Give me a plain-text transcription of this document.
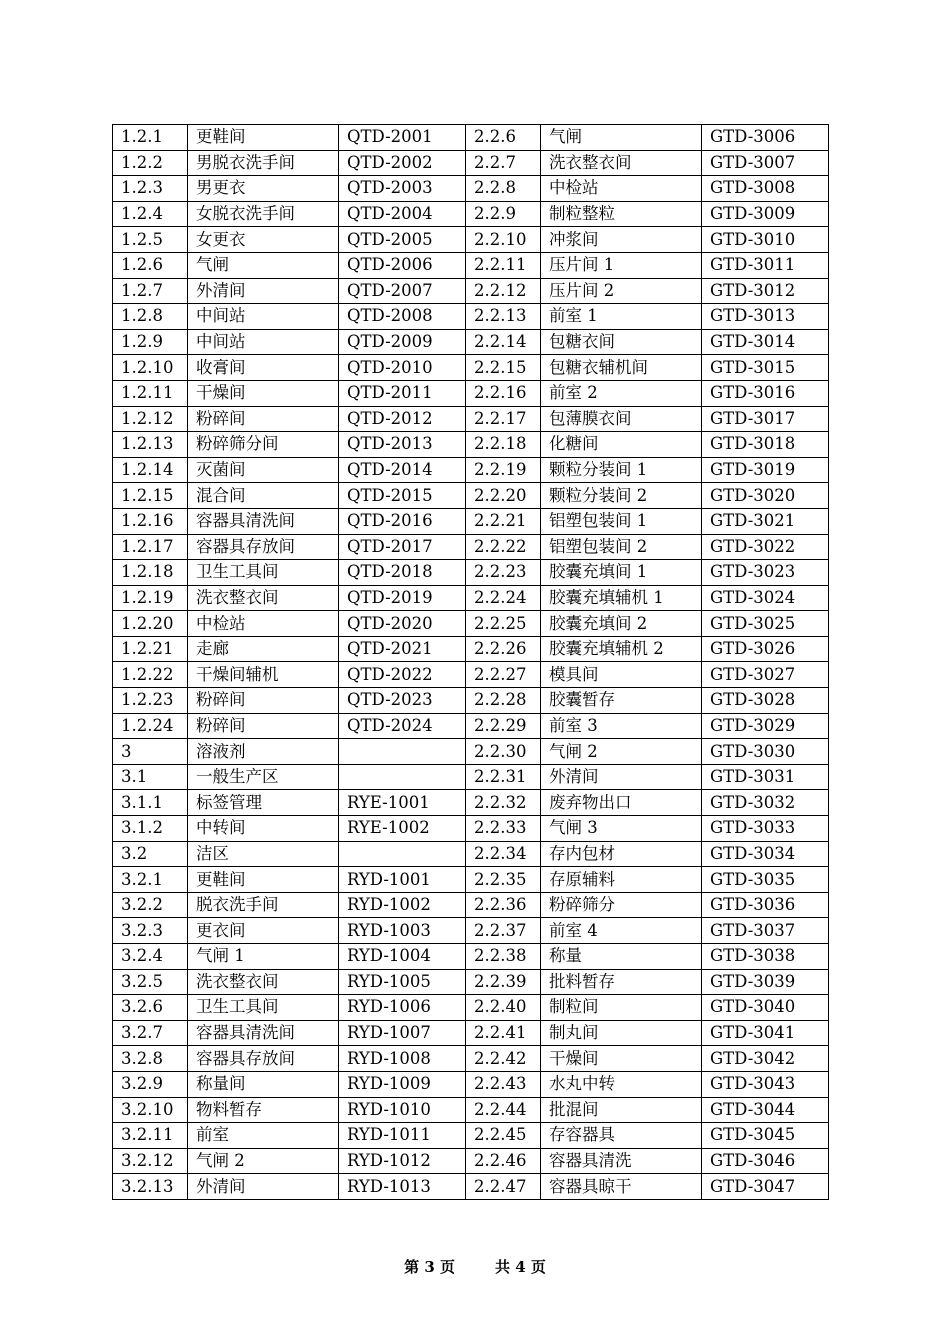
1.2.1	更鞋间	QTD-2001	2.2.6	气闸	GTD-3006
1.2.2	男脱衣洗手间	QTD-2002	2.2.7	洗衣整衣间	GTD-3007
1.2.3	男更衣	QTD-2003	2.2.8	中检站	GTD-3008
1.2.4	女脱衣洗手间	QTD-2004	2.2.9	制粒整粒	GTD-3009
1.2.5	女更衣	QTD-2005	2.2.10	冲浆间	GTD-3010
1.2.6	气闸	QTD-2006	2.2.11	压片间 1	GTD-3011
1.2.7	外清间	QTD-2007	2.2.12	压片间 2	GTD-3012
1.2.8	中间站	QTD-2008	2.2.13	前室 1	GTD-3013
1.2.9	中间站	QTD-2009	2.2.14	包糖衣间	GTD-3014
1.2.10	收膏间	QTD-2010	2.2.15	包糖衣辅机间	GTD-3015
1.2.11	干燥间	QTD-2011	2.2.16	前室 2	GTD-3016
1.2.12	粉碎间	QTD-2012	2.2.17	包薄膜衣间	GTD-3017
1.2.13	粉碎筛分间	QTD-2013	2.2.18	化糖间	GTD-3018
1.2.14	灭菌间	QTD-2014	2.2.19	颗粒分装间 1	GTD-3019
1.2.15	混合间	QTD-2015	2.2.20	颗粒分装间 2	GTD-3020
1.2.16	容器具清洗间	QTD-2016	2.2.21	铝塑包装间 1	GTD-3021
1.2.17	容器具存放间	QTD-2017	2.2.22	铝塑包装间 2	GTD-3022
1.2.18	卫生工具间	QTD-2018	2.2.23	胶囊充填间 1	GTD-3023
1.2.19	洗衣整衣间	QTD-2019	2.2.24	胶囊充填辅机 1	GTD-3024
1.2.20	中检站	QTD-2020	2.2.25	胶囊充填间 2	GTD-3025
1.2.21	走廊	QTD-2021	2.2.26	胶囊充填辅机 2	GTD-3026
1.2.22	干燥间辅机	QTD-2022	2.2.27	模具间	GTD-3027
1.2.23	粉碎间	QTD-2023	2.2.28	胶囊暂存	GTD-3028
1.2.24	粉碎间	QTD-2024	2.2.29	前室 3	GTD-3029
3	溶液剂		2.2.30	气闸 2	GTD-3030
3.1	一般生产区		2.2.31	外清间	GTD-3031
3.1.1	标签管理	RYE-1001	2.2.32	废弃物出口	GTD-3032
3.1.2	中转间	RYE-1002	2.2.33	气闸 3	GTD-3033
3.2	洁区		2.2.34	存内包材	GTD-3034
3.2.1	更鞋间	RYD-1001	2.2.35	存原辅料	GTD-3035
3.2.2	脱衣洗手间	RYD-1002	2.2.36	粉碎筛分	GTD-3036
3.2.3	更衣间	RYD-1003	2.2.37	前室 4	GTD-3037
3.2.4	气闸 1	RYD-1004	2.2.38	称量	GTD-3038
3.2.5	洗衣整衣间	RYD-1005	2.2.39	批料暂存	GTD-3039
3.2.6	卫生工具间	RYD-1006	2.2.40	制粒间	GTD-3040
3.2.7	容器具清洗间	RYD-1007	2.2.41	制丸间	GTD-3041
3.2.8	容器具存放间	RYD-1008	2.2.42	干燥间	GTD-3042
3.2.9	称量间	RYD-1009	2.2.43	水丸中转	GTD-3043
3.2.10	物料暂存	RYD-1010	2.2.44	批混间	GTD-3044
3.2.11	前室	RYD-1011	2.2.45	存容器具	GTD-3045
3.2.12	气闸 2	RYD-1012	2.2.46	容器具清洗	GTD-3046
3.2.13	外清间	RYD-1013	2.2.47	容器具晾干	GTD-3047
第 3 页	共 4 页
